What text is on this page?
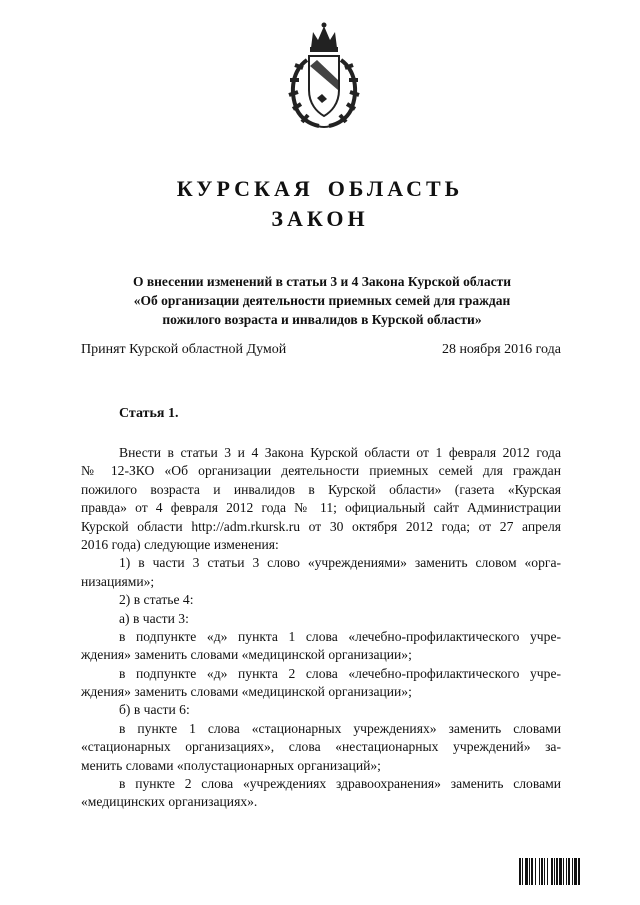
КУРСКАЯ ОБЛАСТЬ
ЗАКОН
О внесении изменений в статьи 3 и 4 Закона Курской области
«Об организации деятельности приемных семей для граждан
пожилого возраста и инвалидов в Курской области»
Принят Курской областной Думой	28 ноября 2016 года
Статья 1.
Внести в статьи 3 и 4 Закона Курской области от 1 февраля 2012 года
№ 12-ЗКО «Об организации деятельности приемных семей для граждан
пожилого возраста и инвалидов в Курской области» (газета «Курская
правда» от 4 февраля 2012 года № 11; официальный сайт Администрации
Курской области http://adm.rkursk.ru от 30 октября 2012 года; от 27 апреля
2016 года) следующие изменения:
1) в части 3 статьи 3 слово «учреждениями» заменить словом «орга-
низациями»;
2) в статье 4:
а) в части 3:
в подпункте «д» пункта 1 слова «лечебно-профилактического учре-
ждения» заменить словами «медицинской организации»;
в подпункте «д» пункта 2 слова «лечебно-профилактического учре-
ждения» заменить словами «медицинской организации»;
б) в части 6:
в пункте 1 слова «стационарных учреждениях» заменить словами
«стационарных организациях», слова «нестационарных учреждений» за-
менить словами «полустационарных организаций»;
в пункте 2 слова «учреждениях здравоохранения» заменить словами
«медицинских организациях».
